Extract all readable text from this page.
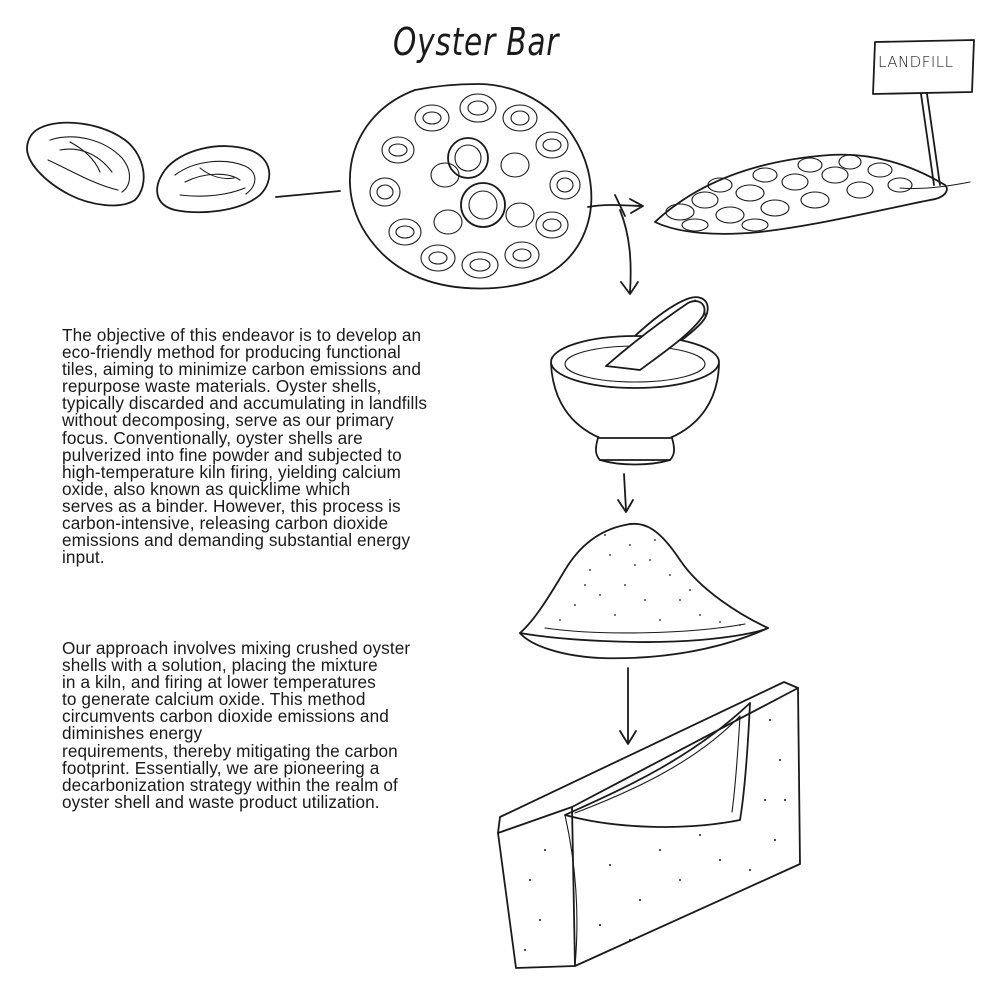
Oyster Bar	LANDFILL
The objective of this endeavor is to develop an
eco-friendly method for producing functional
tiles, aiming to minimize carbon emissions and
repurpose waste materials. Oyster shells,
typically discarded and accumulating in landfills
without decomposing, serve as our primary
focus. Conventionally, oyster shells are
pulverized into fine powder and subjected to
high-temperature kiln firing, yielding calcium
oxide, also known as quicklime which
serves as a binder. However, this process is
carbon-intensive, releasing carbon dioxide
emissions and demanding substantial energy
input.
Our approach involves mixing crushed oyster
shells with a solution, placing the mixture
in a kiln, and firing at lower temperatures
to generate calcium oxide. This method
circumvents carbon dioxide emissions and
diminishes energy
requirements, thereby mitigating the carbon
footprint. Essentially, we are pioneering a
decarbonization strategy within the realm of
oyster shell and waste product utilization.
